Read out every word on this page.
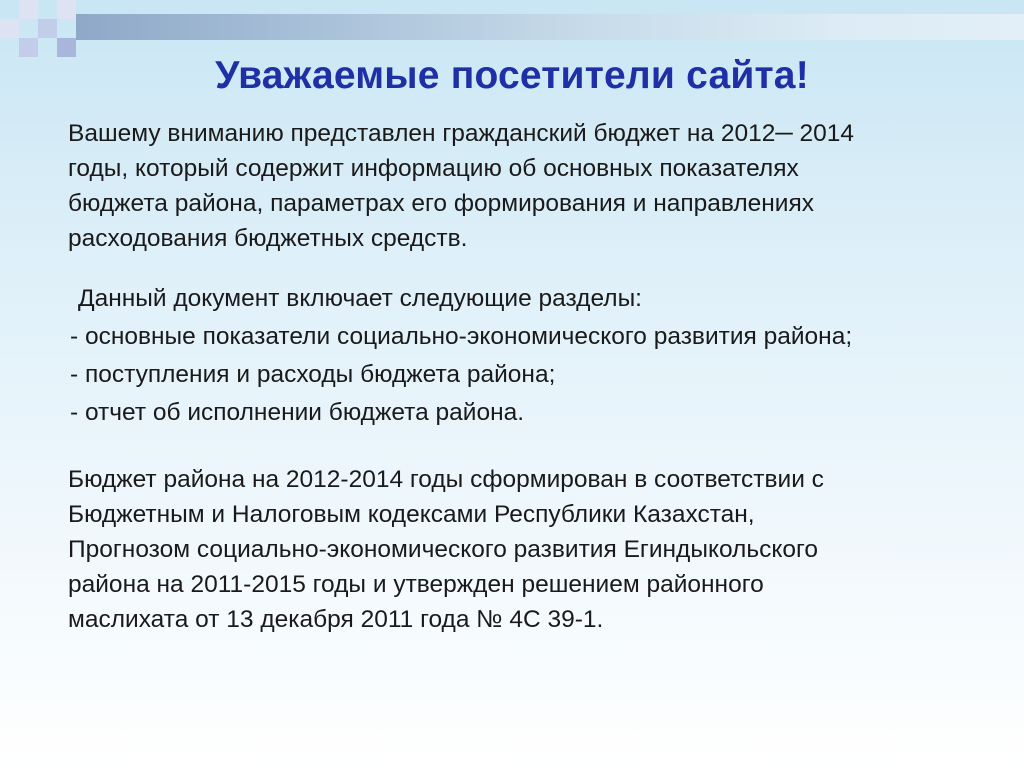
Уважаемые посетители сайта!
Вашему вниманию представлен гражданский бюджет на 2012─ 2014
годы, который содержит информацию об основных показателях
бюджета района, параметрах его формирования и направлениях
расходования бюджетных средств.
Данный документ включает следующие разделы:
- основные показатели социально-экономического развития района;
- поступления и расходы бюджета района;
- отчет об исполнении бюджета района.
Бюджет района на 2012-2014 годы сформирован в соответствии с
Бюджетным и Налоговым кодексами Республики Казахстан,
Прогнозом социально-экономического развития Егиндыкольского
района на 2011-2015 годы и утвержден решением районного
маслихата от 13 декабря 2011 года № 4С 39-1.
